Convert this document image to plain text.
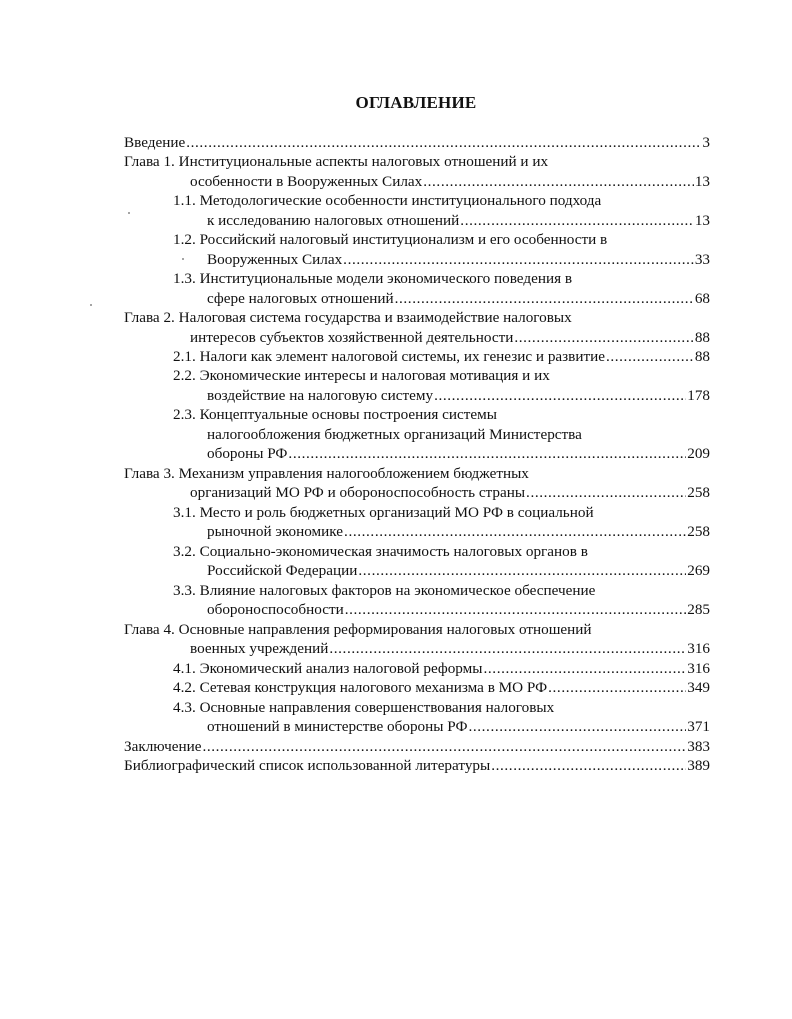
ОГЛАВЛЕНИЕ
Введение .....	3
Глава 1. Институциональные аспекты налоговых отношений и их
особенности в Вооруженных Силах .....	13
1.1. Методологические особенности институционального подхода
к исследованию налоговых отношений .....	13
1.2. Российский налоговый институционализм и его особенности в
Вооруженных Силах .....	33
1.3. Институциональные модели экономического поведения в
сфере налоговых отношений .....	68
Глава 2. Налоговая система государства и взаимодействие налоговых
интересов субъектов хозяйственной деятельности .....	88
2.1. Налоги как элемент налоговой системы, их генезис и развитие .....	88
2.2. Экономические интересы и налоговая мотивация и их
воздействие на налоговую систему .....	178
2.3. Концептуальные основы построения системы
налогообложения бюджетных организаций Министерства
обороны РФ .....	209
Глава 3. Механизм управления налогообложением бюджетных
организаций МО РФ и обороноспособность страны .....	258
3.1. Место и роль бюджетных организаций МО РФ в социальной
рыночной экономике .....	258
3.2. Социально-экономическая значимость налоговых органов в
Российской Федерации .....	269
3.3. Влияние налоговых факторов на экономическое обеспечение
обороноспособности .....	285
Глава 4. Основные направления реформирования налоговых отношений
военных учреждений .....	316
4.1. Экономический анализ налоговой реформы .....	316
4.2. Сетевая конструкция налогового механизма в МО РФ .....	349
4.3. Основные направления совершенствования налоговых
отношений в министерстве обороны РФ .....	371
Заключение .....	383
Библиографический список использованной литературы .....	389
